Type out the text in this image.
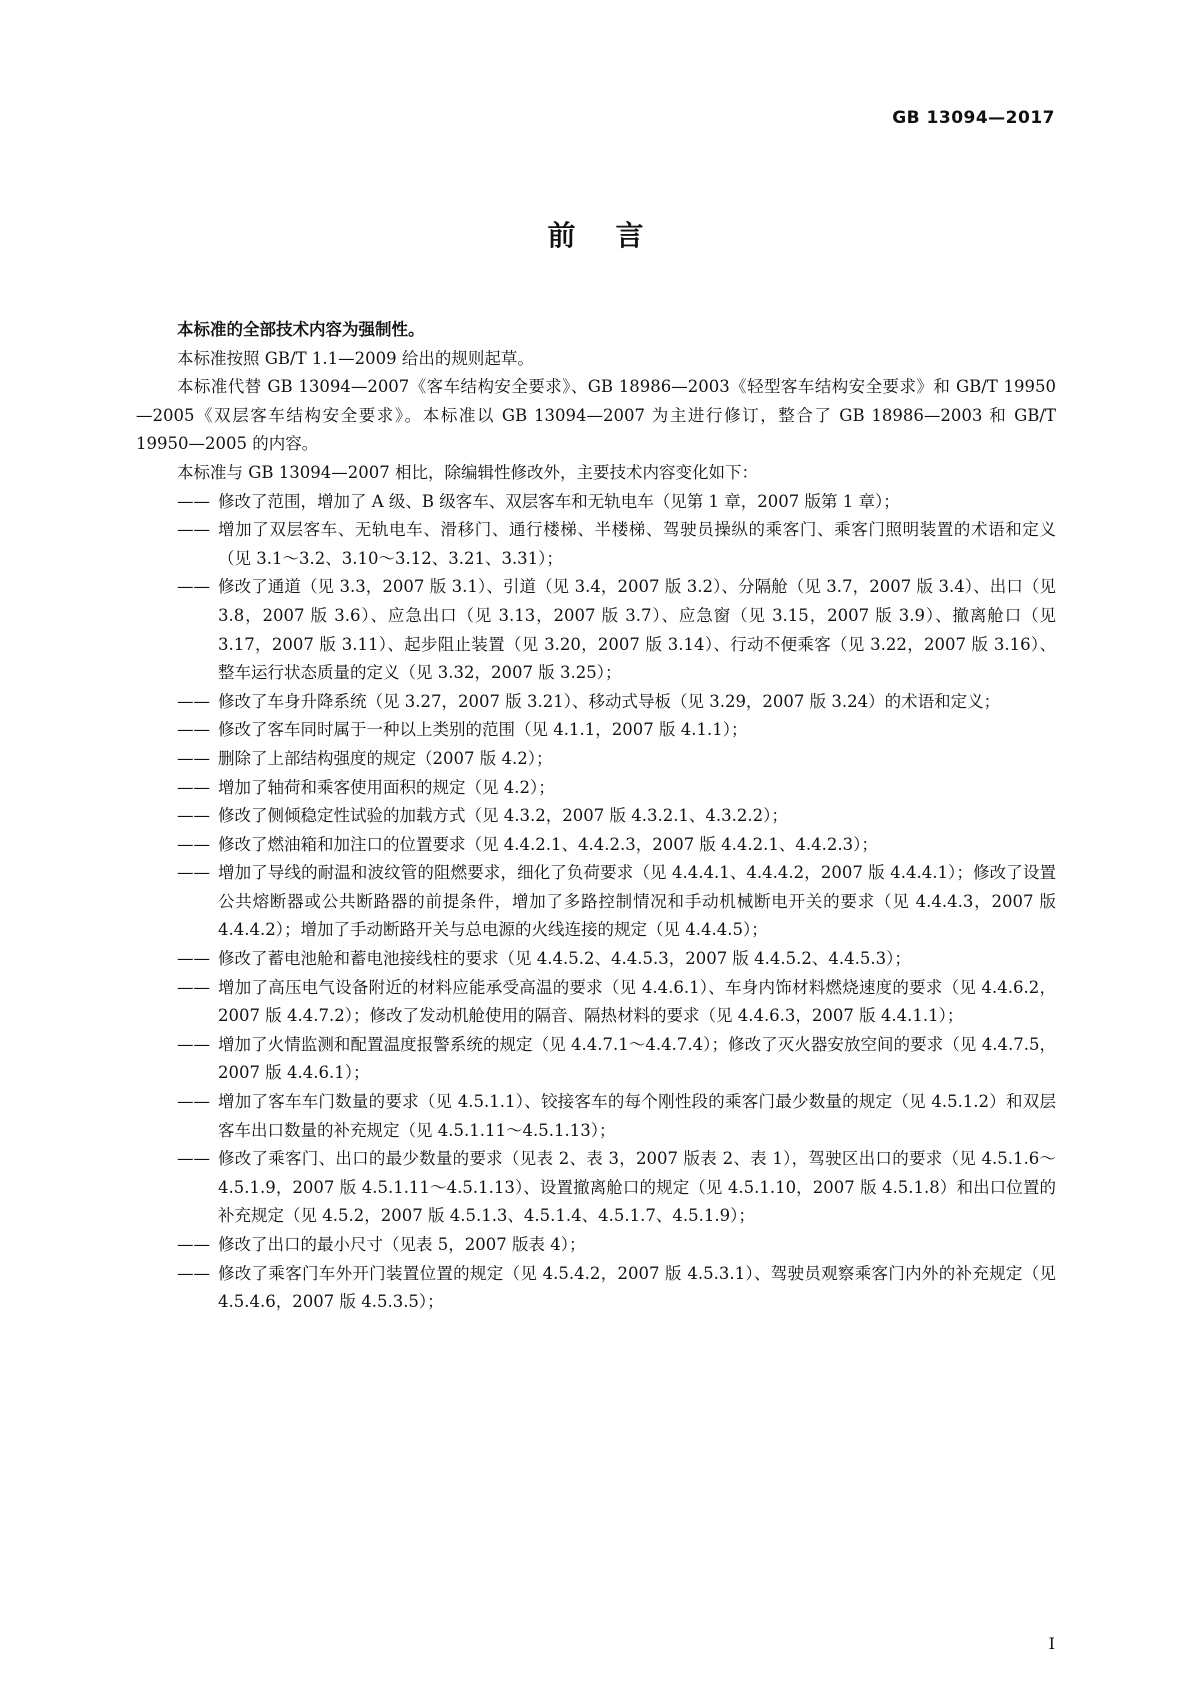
GB 13094—2017
前言

本标准的全部技术内容为强制性。

本标准按照 GB/T 1.1—2009 给出的规则起草。

本标准代替 GB 13094—2007《客车结构安全要求》、GB 18986—2003《轻型客车结构安全要求》和 GB/T 19950—2005《双层客车结构安全要求》。本标准以 GB 13094—2007 为主进行修订，整合了 GB 18986—2003 和 GB/T 19950—2005 的内容。

本标准与 GB 13094—2007 相比，除编辑性修改外，主要技术内容变化如下：

—— 修改了范围，增加了 A 级、B 级客车、双层客车和无轨电车（见第 1 章，2007 版第 1 章）；
—— 增加了双层客车、无轨电车、滑移门、通行楼梯、半楼梯、驾驶员操纵的乘客门、乘客门照明装置的术语和定义（见 3.1～3.2、3.10～3.12、3.21、3.31）；
—— 修改了通道（见 3.3，2007 版 3.1）、引道（见 3.4，2007 版 3.2）、分隔舱（见 3.7，2007 版 3.4）、出口（见 3.8，2007 版 3.6）、应急出口（见 3.13，2007 版 3.7）、应急窗（见 3.15，2007 版 3.9）、撤离舱口（见 3.17，2007 版 3.11）、起步阻止装置（见 3.20，2007 版 3.14）、行动不便乘客（见 3.22，2007 版 3.16）、整车运行状态质量的定义（见 3.32，2007 版 3.25）；
—— 修改了车身升降系统（见 3.27，2007 版 3.21）、移动式导板（见 3.29，2007 版 3.24）的术语和定义；
—— 修改了客车同时属于一种以上类别的范围（见 4.1.1，2007 版 4.1.1）；
—— 删除了上部结构强度的规定（2007 版 4.2）；
—— 增加了轴荷和乘客使用面积的规定（见 4.2）；
—— 修改了侧倾稳定性试验的加载方式（见 4.3.2，2007 版 4.3.2.1、4.3.2.2）；
—— 修改了燃油箱和加注口的位置要求（见 4.4.2.1、4.4.2.3，2007 版 4.4.2.1、4.4.2.3）；
—— 增加了导线的耐温和波纹管的阻燃要求，细化了负荷要求（见 4.4.4.1、4.4.4.2，2007 版 4.4.4.1）；修改了设置公共熔断器或公共断路器的前提条件，增加了多路控制情况和手动机械断电开关的要求（见 4.4.4.3，2007 版 4.4.4.2）；增加了手动断路开关与总电源的火线连接的规定（见 4.4.4.5）；
—— 修改了蓄电池舱和蓄电池接线柱的要求（见 4.4.5.2、4.4.5.3，2007 版 4.4.5.2、4.4.5.3）；
—— 增加了高压电气设备附近的材料应能承受高温的要求（见 4.4.6.1）、车身内饰材料燃烧速度的要求（见 4.4.6.2，2007 版 4.4.7.2）；修改了发动机舱使用的隔音、隔热材料的要求（见 4.4.6.3，2007 版 4.4.1.1）；
—— 增加了火情监测和配置温度报警系统的规定（见 4.4.7.1～4.4.7.4）；修改了灭火器安放空间的要求（见 4.4.7.5，2007 版 4.4.6.1）；
—— 增加了客车车门数量的要求（见 4.5.1.1）、铰接客车的每个刚性段的乘客门最少数量的规定（见 4.5.1.2）和双层客车出口数量的补充规定（见 4.5.1.11～4.5.1.13）；
—— 修改了乘客门、出口的最少数量的要求（见表 2、表 3，2007 版表 2、表 1），驾驶区出口的要求（见 4.5.1.6～4.5.1.9，2007 版 4.5.1.11～4.5.1.13）、设置撤离舱口的规定（见 4.5.1.10，2007 版 4.5.1.8）和出口位置的补充规定（见 4.5.2，2007 版 4.5.1.3、4.5.1.4、4.5.1.7、4.5.1.9）；
—— 修改了出口的最小尺寸（见表 5，2007 版表 4）；
—— 修改了乘客门车外开门装置位置的规定（见 4.5.4.2，2007 版 4.5.3.1）、驾驶员观察乘客门内外的补充规定（见 4.5.4.6，2007 版 4.5.3.5）；
I
